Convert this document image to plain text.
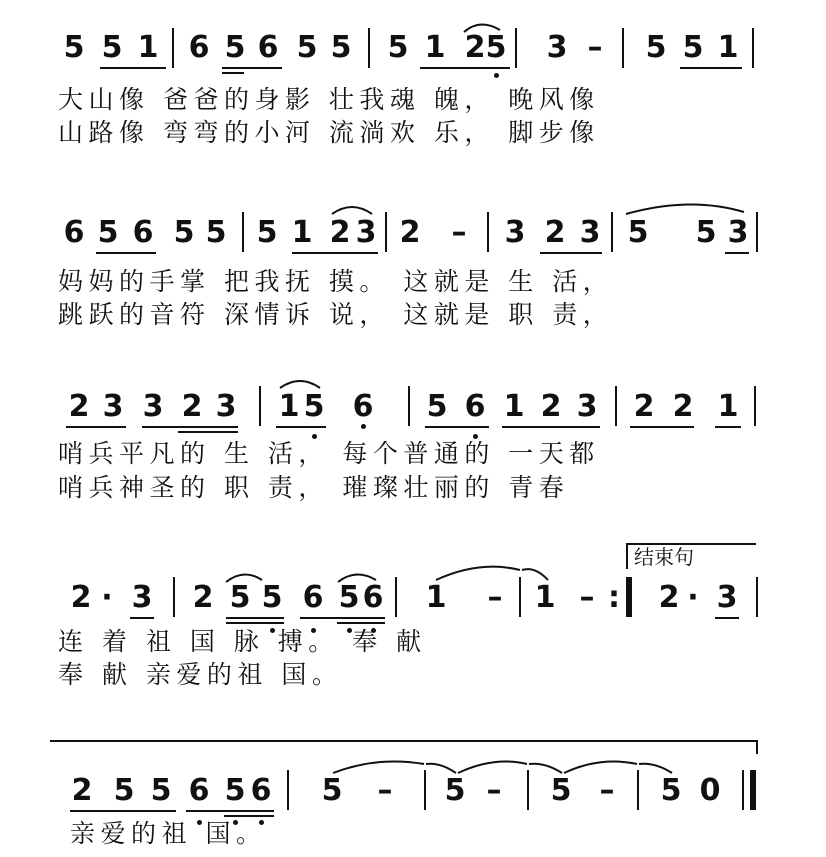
5 5 1 6 5 6 5 5 5 1 2 5 3 – 5 5 1
大山像 爸爸的身影 壮我魂 魄， 晚风像
山路像 弯弯的小河 流淌欢 乐， 脚步像
6 5 6 5 5 5 1 2 3 2 – 3 2 3 5 5 3
妈妈的手掌 把我抚 摸。 这就是 生 活，
跳跃的音符 深情诉 说， 这就是 职 责，
2 3 3 2 3 1 5 6 5 6 1 2 3 2 2 1
哨兵平凡的 生 活， 每个普通的 一天都
哨兵神圣的 职 责， 璀璨壮丽的 青春
结束句
2 · 3 2 5 5 6 5 6 1 – 1 – : 2 · 3
连 着 祖 国 脉 搏。 奉 献
奉 献 亲爱的祖 国。
2 5 5 6 5 6 5 – 5 – 5 – 5 0
亲爱的祖 国。
